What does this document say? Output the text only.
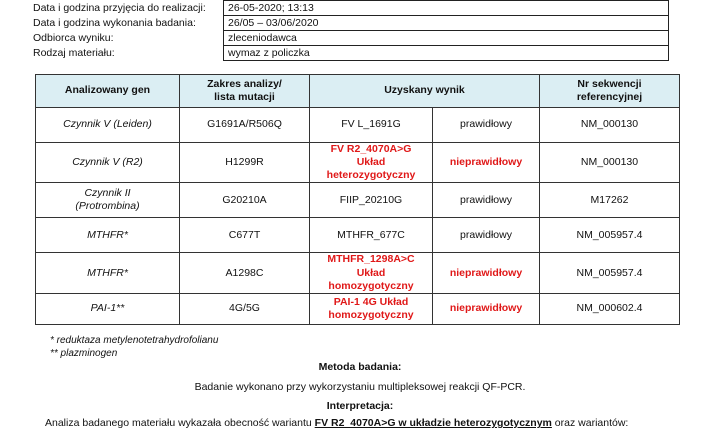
Data i godzina przyjęcia do realizacji:	26-05-2020; 13:13
Data i godzina wykonania badania:	26/05 – 03/06/2020
Odbiorca wyniku:	zleceniodawca
Rodzaj materiału:	wymaz z policzka
Analizowany gen	Zakres analizy/ lista mutacji	Uzyskany wynik		Nr sekwencji referencyjnej
Czynnik V (Leiden)	G1691A/R506Q	FV L_1691G	prawidłowy	NM_000130
Czynnik V (R2)	H1299R	FV R2_4070A>G Układ heterozygotyczny	nieprawidłowy	NM_000130
Czynnik II (Protrombina)	G20210A	FIIP_20210G	prawidłowy	M17262
MTHFR*	C677T	MTHFR_677C	prawidłowy	NM_005957.4
MTHFR*	A1298C	MTHFR_1298A>C Układ homozygotyczny	nieprawidłowy	NM_005957.4
PAI-1**	4G/5G	PAI-1 4G Układ homozygotyczny	nieprawidłowy	NM_000602.4
* reduktaza metylenotetrahydrofolianu
** plazminogen
Metoda badania:
Badanie wykonano przy wykorzystaniu multipleksowej reakcji QF-PCR.
Interpretacja:
Analiza badanego materiału wykazała obecność wariantu FV R2_4070A>G w układzie heterozygotycznym oraz wariantów:
